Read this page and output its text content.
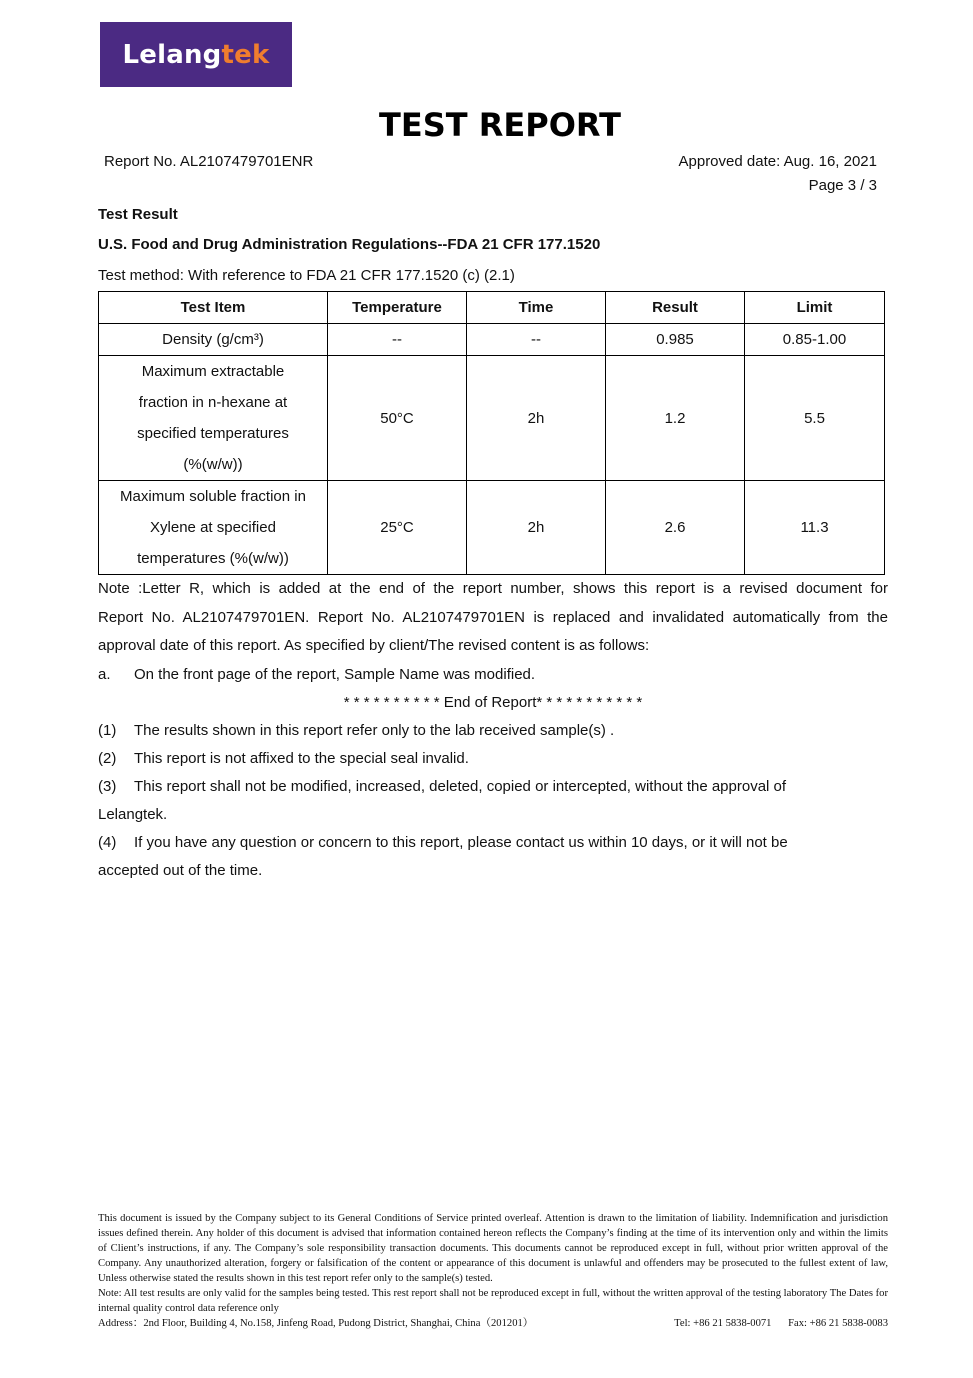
Lelang tek
TEST REPORT
Report No. AL2107479701ENR	Approved date: Aug. 16, 2021
Page 3 / 3
Test Result
U.S. Food and Drug Administration Regulations--FDA 21 CFR 177.1520
Test method: With reference to FDA 21 CFR 177.1520 (c) (2.1)
Test Item	Temperature	Time	Result	Limit

Density (g/cm³)	--	--	0.985	0.85-1.00

Maximum extractable
fraction in n-hexane at
specified temperatures
(%(w/w))	50°C	2h	1.2	5.5

Maximum soluble fraction in
Xylene at specified
temperatures (%(w/w))	25°C	2h	2.6	11.3

Note :Letter R, which is added at the end of the report number, shows this report is a revised document for

Report No. AL2107479701EN. Report No. AL2107479701EN is replaced and invalidated automatically from the

approval date of this report. As specified by client/The revised content is as follows:

a. On the front page of the report, Sample Name was modified.

* * * * * * * * * * End of Report* * * * * * * * * * *

(1) The results shown in this report refer only to the lab received sample(s) .

(2) This report is not affixed to the special seal invalid.

(3) This report shall not be modified, increased, deleted, copied or intercepted, without the approval of

Lelangtek.

(4) If you have any question or concern to this report, please contact us within 10 days, or it will not be

accepted out of the time.

This document is issued by the Company subject to its General Conditions of Service printed overleaf. Attention is drawn to the limitation of liability. Indemnification and jurisdiction issues defined therein. Any holder of this document is advised that information contained hereon reflects the Company’s finding at the time of its intervention only and within the limits of Client’s instructions, if any. The Company’s sole responsibility transaction documents. This documents cannot be reproduced except in full, without prior written approval of the Company. Any unauthorized alteration, forgery or falsification of the content or appearance of this document is unlawful and offenders may be prosecuted to the fullest extent of law, Unless otherwise stated the results shown in this test report refer only to the sample(s) tested.

Note: All test results are only valid for the samples being tested. This rest report shall not be reproduced except in full, without the written approval of the testing laboratory The Dates for internal quality control data reference only

Address：2nd Floor, Building 4, No.158, Jinfeng Road, Pudong District, Shanghai, China（201201）	Tel: +86 21 5838-0071 Fax: +86 21 5838-0083
